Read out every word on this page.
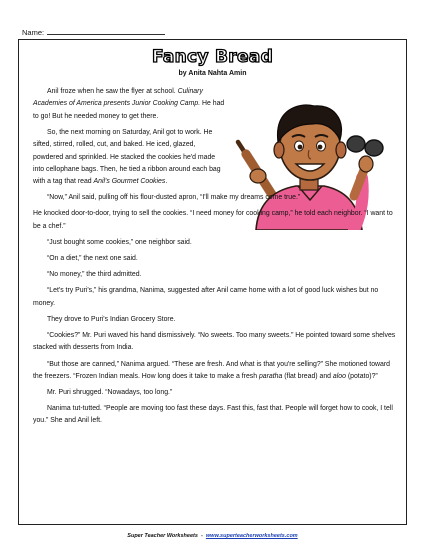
Name:
Fancy Bread
by Anita Nahta Amin

Anil froze when he saw the flyer at school. Culinary Academies of America presents Junior Cooking Camp. He had to go! But he needed money to get there.

So, the next morning on Saturday, Anil got to work. He sifted, stirred, rolled, cut, and baked. He iced, glazed, powdered and sprinkled. He stacked the cookies he'd made into cellophane bags. Then, he tied a ribbon around each bag with a tag that read Anil's Gourmet Cookies.

“Now,” Anil said, pulling off his flour-dusted apron, “I'll make my dreams come true.”

He knocked door-to-door, trying to sell the cookies. “I need money for cooking camp,” he told each neighbor. “I want to be a chef.”

“Just bought some cookies,” one neighbor said.

“On a diet,” the next one said.

“No money,” the third admitted.

“Let's try Puri's,” his grandma, Nanima, suggested after Anil came home with a lot of good luck wishes but no money.

They drove to Puri's Indian Grocery Store.

“Cookies?” Mr. Puri waved his hand dismissively. “No sweets. Too many sweets.” He pointed toward some shelves stacked with desserts from India.

“But those are canned,” Nanima argued. “These are fresh. And what is that you're selling?” She motioned toward the freezers. “Frozen Indian meals. How long does it take to make a fresh paratha (flat bread) and aloo (potato)?”

Mr. Puri shrugged. “Nowadays, too long.”

Nanima tut-tutted. “People are moving too fast these days. Fast this, fast that. People will forget how to cook, I tell you.” She and Anil left.

Super Teacher Worksheets - www.superteacherworksheets.com
